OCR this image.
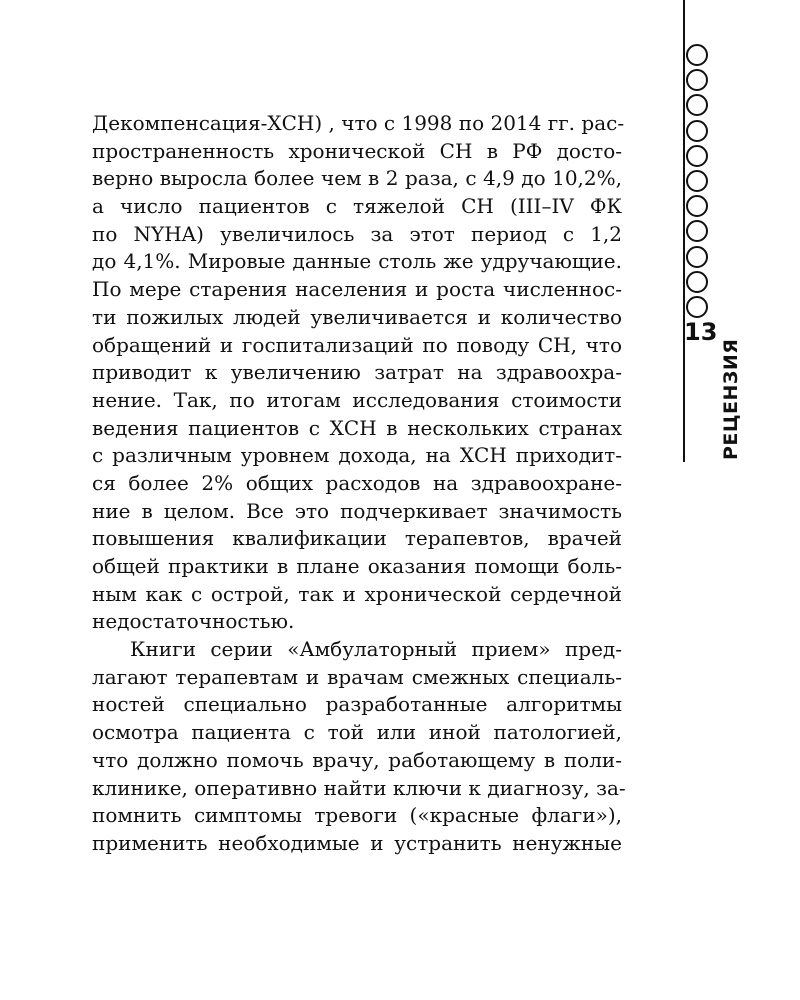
13
РЕЦЕНЗИЯ
Декомпенсация-ХСН) , что с 1998 по 2014 гг. рас-
пространенность хронической СН в РФ досто-
верно выросла более чем в 2 раза, с 4,9 до 10,2%,
а число пациентов с тяжелой СН (III–IV ФК
по NYHA) увеличилось за этот период с 1,2
до 4,1%. Мировые данные столь же удручающие.
По мере старения населения и роста численнос-
ти пожилых людей увеличивается и количество
обращений и госпитализаций по поводу СН, что
приводит к увеличению затрат на здравоохра-
нение. Так, по итогам исследования стоимости
ведения пациентов с ХСН в нескольких странах
с различным уровнем дохода, на ХСН приходит-
ся более 2% общих расходов на здравоохране-
ние в целом. Все это подчеркивает значимость
повышения квалификации терапевтов, врачей
общей практики в плане оказания помощи боль-
ным как с острой, так и хронической сердечной
недостаточностью.
Книги серии «Амбулаторный прием» пред-
лагают терапевтам и врачам смежных специаль-
ностей специально разработанные алгоритмы
осмотра пациента с той или иной патологией,
что должно помочь врачу, работающему в поли-
клинике, оперативно найти ключи к диагнозу, за-
помнить симптомы тревоги («красные флаги»),
применить необходимые и устранить ненужные
